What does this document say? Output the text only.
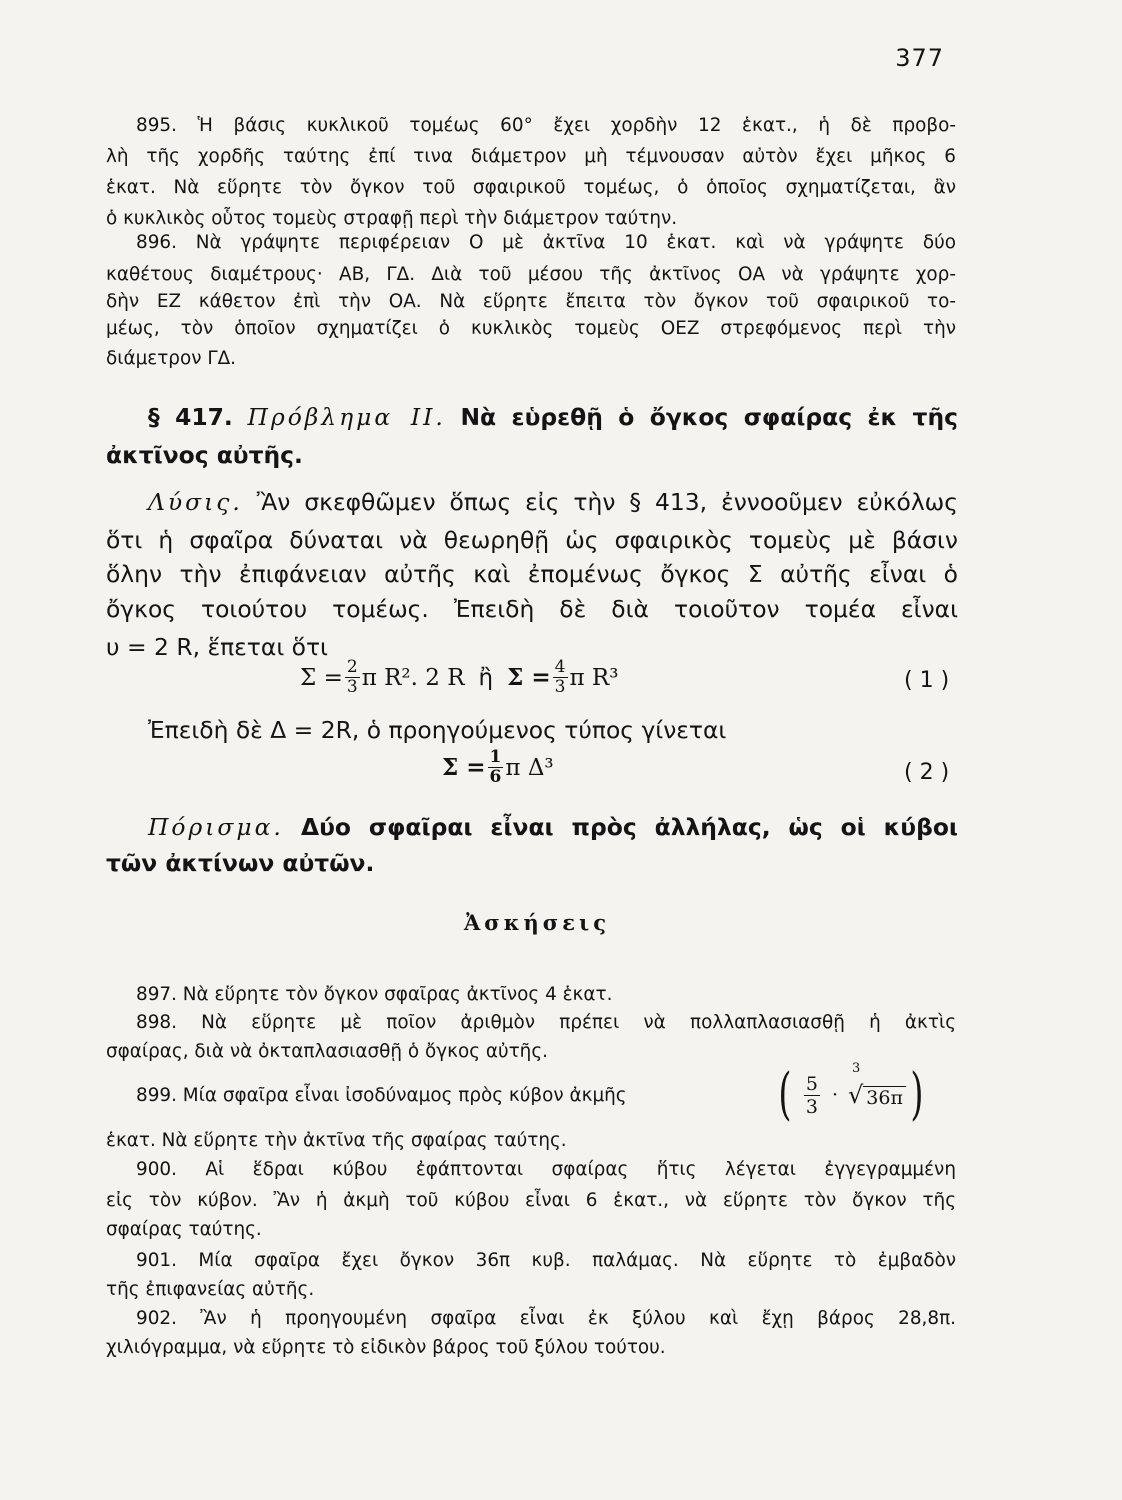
377
895. Ἡ βάσις κυκλικοῦ τομέως 60° ἔχει χορδὴν 12 ἑκατ., ἡ δὲ προβο-
λὴ τῆς χορδῆς ταύτης ἐπί τινα διάμετρον μὴ τέμνουσαν αὐτὸν ἔχει μῆκος 6
ἑκατ. Νὰ εὕρητε τὸν ὄγκον τοῦ σφαιρικοῦ τομέως, ὁ ὁποῖος σχηματίζεται, ἂν
ὁ κυκλικὸς οὗτος τομεὺς στραφῇ περὶ τὴν διάμετρον ταύτην.
896. Νὰ γράψητε περιφέρειαν Ο μὲ ἀκτῖνα 10 ἑκατ. καὶ νὰ γράψητε δύο
καθέτους διαμέτρους· ΑΒ, ΓΔ. Διὰ τοῦ μέσου τῆς ἀκτῖνος ΟΑ νὰ γράψητε χορ-
δὴν ΕΖ κάθετον ἐπὶ τὴν ΟΑ. Νὰ εὕρητε ἔπειτα τὸν ὄγκον τοῦ σφαιρικοῦ το-
μέως, τὸν ὁποῖον σχηματίζει ὁ κυκλικὸς τομεὺς ΟΕΖ στρεφόμενος περὶ τὴν
διάμετρον ΓΔ.
§ 417. Πρόβλημα ΙΙ. Νὰ εὑρεθῇ ὁ ὄγκος σφαίρας ἐκ τῆς
ἀκτῖνος αὐτῆς.
Λύσις. Ἂν σκεφθῶμεν ὅπως εἰς τὴν § 413, ἐννοοῦμεν εὐκόλως
ὅτι ἡ σφαῖρα δύναται νὰ θεωρηθῇ ὡς σφαιρικὸς τομεὺς μὲ βάσιν
ὅλην τὴν ἐπιφάνειαν αὐτῆς καὶ ἐπομένως ὄγκος Σ αὐτῆς εἶναι ὁ
ὄγκος τοιούτου τομέως. Ἐπειδὴ δὲ διὰ τοιοῦτον τομέα εἶναι
υ = 2 R, ἕπεται ὅτι
$\Sigma = \frac{2}{3}$ π R². 2 R ἢ $\Sigma = \frac{4}{3}$ π R³	( 1 )
Ἐπειδὴ δὲ Δ = 2R, ὁ προηγούμενος τύπος γίνεται
$\Sigma = \frac{1}{6}$ π Δ³	( 2 )
Πόρισμα. Δύο σφαῖραι εἶναι πρὸς ἀλλήλας, ὡς οἱ κύβοι
τῶν ἀκτίνων αὐτῶν.
Ἀσκήσεις
897. Νὰ εὕρητε τὸν ὄγκον σφαῖρας ἀκτῖνος 4 ἑκατ.
898. Νὰ εὕρητε μὲ ποῖον ἀριθμὸν πρέπει νὰ πολλαπλασιασθῇ ἡ ἀκτὶς
σφαίρας, διὰ νὰ ὀκταπλασιασθῇ ὁ ὄγκος αὐτῆς.
899. Μία σφαῖρα εἶναι ἰσοδύναμος πρὸς κύβον ἀκμῆς	( $\frac{5}{3}$ ·
3
√ 36π )
ἑκατ. Νὰ εὕρητε τὴν ἀκτῖνα τῆς σφαίρας ταύτης.
900. Αἱ ἕδραι κύβου ἐφάπτονται σφαίρας ἥτις λέγεται ἐγγεγραμμένη
εἰς τὸν κύβον. Ἂν ἡ ἀκμὴ τοῦ κύβου εἶναι 6 ἑκατ., νὰ εὕρητε τὸν ὄγκον τῆς
σφαίρας ταύτης.
901. Μία σφαῖρα ἔχει ὄγκον 36π κυβ. παλάμας. Νὰ εὕρητε τὸ ἐμβαδὸν
τῆς ἐπιφανείας αὐτῆς.
902. Ἂν ἡ προηγουμένη σφαῖρα εἶναι ἐκ ξύλου καὶ ἔχῃ βάρος 28,8π.
χιλιόγραμμα, νὰ εὕρητε τὸ εἰδικὸν βάρος τοῦ ξύλου τούτου.
